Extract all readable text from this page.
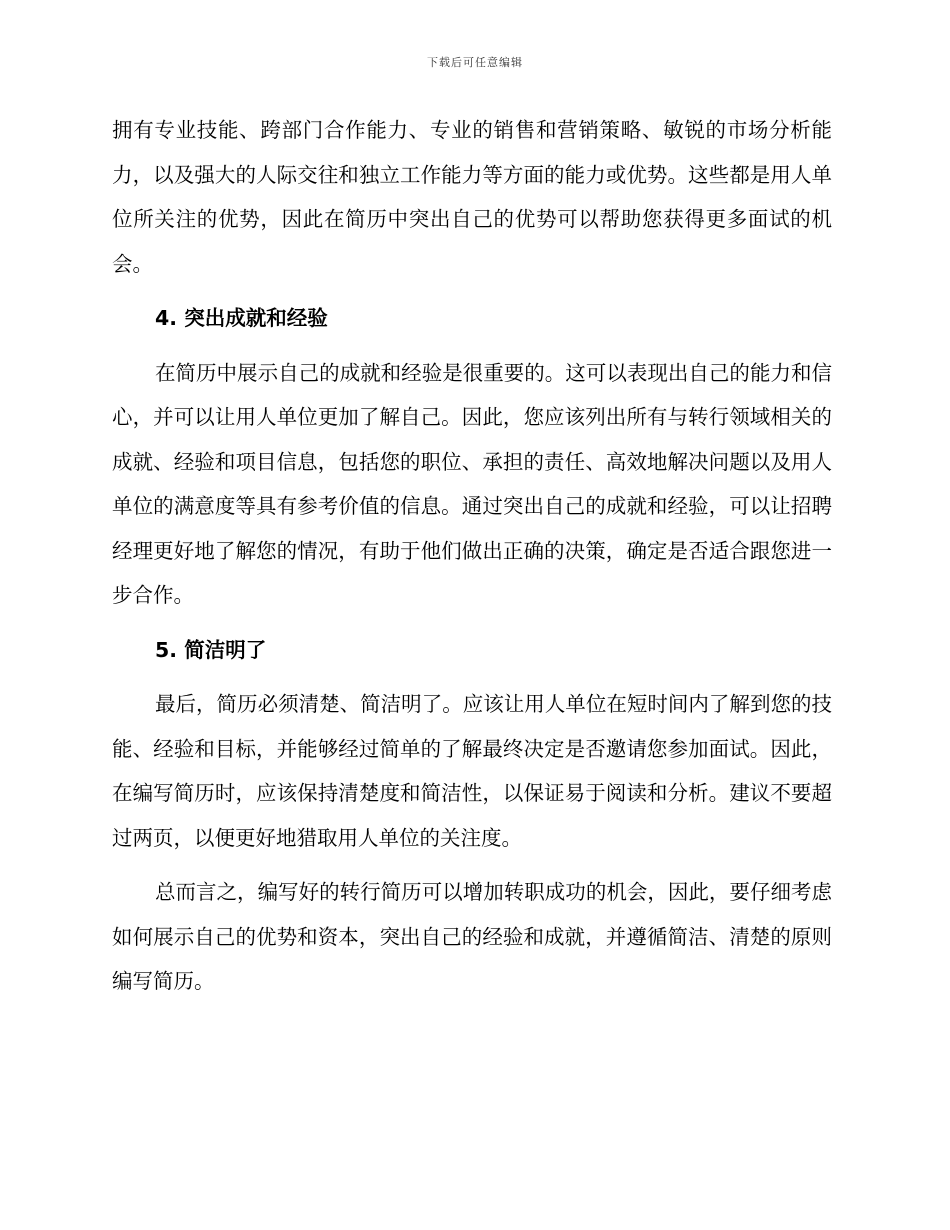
下载后可任意编辑

拥有专业技能、跨部门合作能力、专业的销售和营销策略、敏锐的市场分析能力，以及强大的人际交往和独立工作能力等方面的能力或优势。这些都是用人单位所关注的优势，因此在简历中突出自己的优势可以帮助您获得更多面试的机会。

4. 突出成就和经验

在简历中展示自己的成就和经验是很重要的。这可以表现出自己的能力和信心，并可以让用人单位更加了解自己。因此，您应该列出所有与转行领域相关的成就、经验和项目信息，包括您的职位、承担的责任、高效地解决问题以及用人单位的满意度等具有参考价值的信息。通过突出自己的成就和经验，可以让招聘经理更好地了解您的情况，有助于他们做出正确的决策，确定是否适合跟您进一步合作。

5. 简洁明了

最后，简历必须清楚、简洁明了。应该让用人单位在短时间内了解到您的技能、经验和目标，并能够经过简单的了解最终决定是否邀请您参加面试。因此，在编写简历时，应该保持清楚度和简洁性，以保证易于阅读和分析。建议不要超过两页，以便更好地猎取用人单位的关注度。

总而言之，编写好的转行简历可以增加转职成功的机会，因此，要仔细考虑如何展示自己的优势和资本，突出自己的经验和成就，并遵循简洁、清楚的原则编写简历。
